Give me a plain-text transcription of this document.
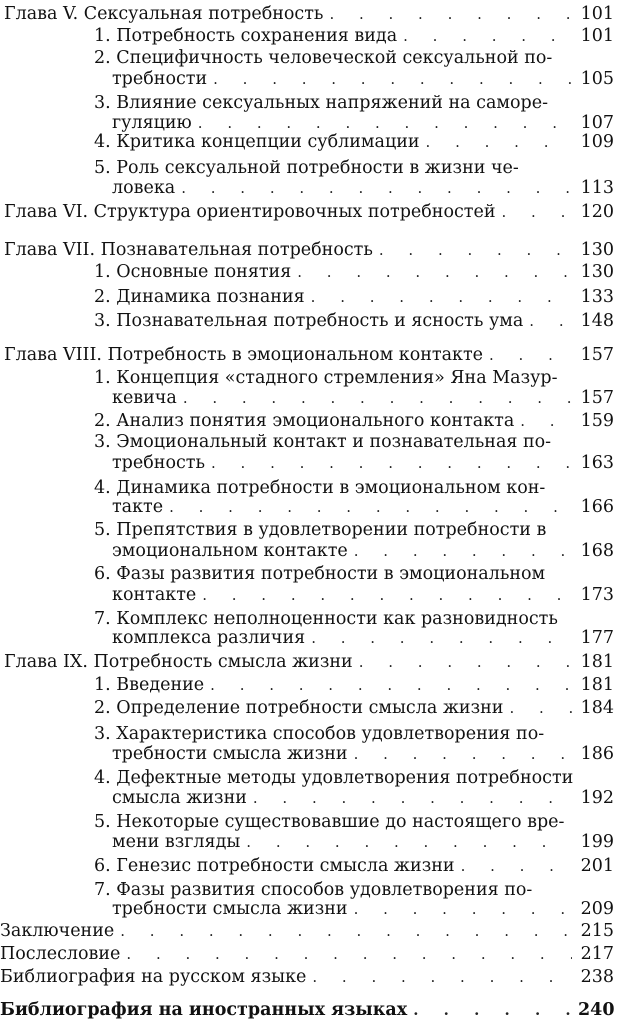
Глава V. Сексуальная потребность . . .	101
1. Потребность сохранения вида . . .	101
2. Специфичность человеческой сексуальной по-
требности . . .	105
3. Влияние сексуальных напряжений на саморе-
гуляцию . . .	107
4. Критика концепции сублимации . . .	109
5. Роль сексуальной потребности в жизни че-
ловека . . .	113
Глава VI. Структура ориентировочных потребностей . . .	120
Глава VII. Познавательная потребность . . .	130
1. Основные понятия . . .	130
2. Динамика познания . . .	133
3. Познавательная потребность и ясность ума . . .	148
Глава VIII. Потребность в эмоциональном контакте . . .	157
1. Концепция «стадного стремления» Яна Мазур-
кевича . . .	157
2. Анализ понятия эмоционального контакта . . .	159
3. Эмоциональный контакт и познавательная по-
требность . . .	163
4. Динамика потребности в эмоциональном кон-
такте . . .	166
5. Препятствия в удовлетворении потребности в
эмоциональном контакте . . .	168
6. Фазы развития потребности в эмоциональном
контакте . . .	173
7. Комплекс неполноценности как разновидность
комплекса различия . . .	177
Глава IX. Потребность смысла жизни . . .	181
1. Введение . . .	181
2. Определение потребности смысла жизни . . .	184
3. Характеристика способов удовлетворения по-
требности смысла жизни . . .	186
4. Дефектные методы удовлетворения потребности
смысла жизни . . .	192
5. Некоторые существовавшие до настоящего вре-
мени взгляды . . .	199
6. Генезис потребности смысла жизни . . .	201
7. Фазы развития способов удовлетворения по-
требности смысла жизни . . .	209
Заключение . . .	215
Послесловие . . .	217
Библиография на русском языке . . .	238
Библиография на иностранных языках . . .	240
